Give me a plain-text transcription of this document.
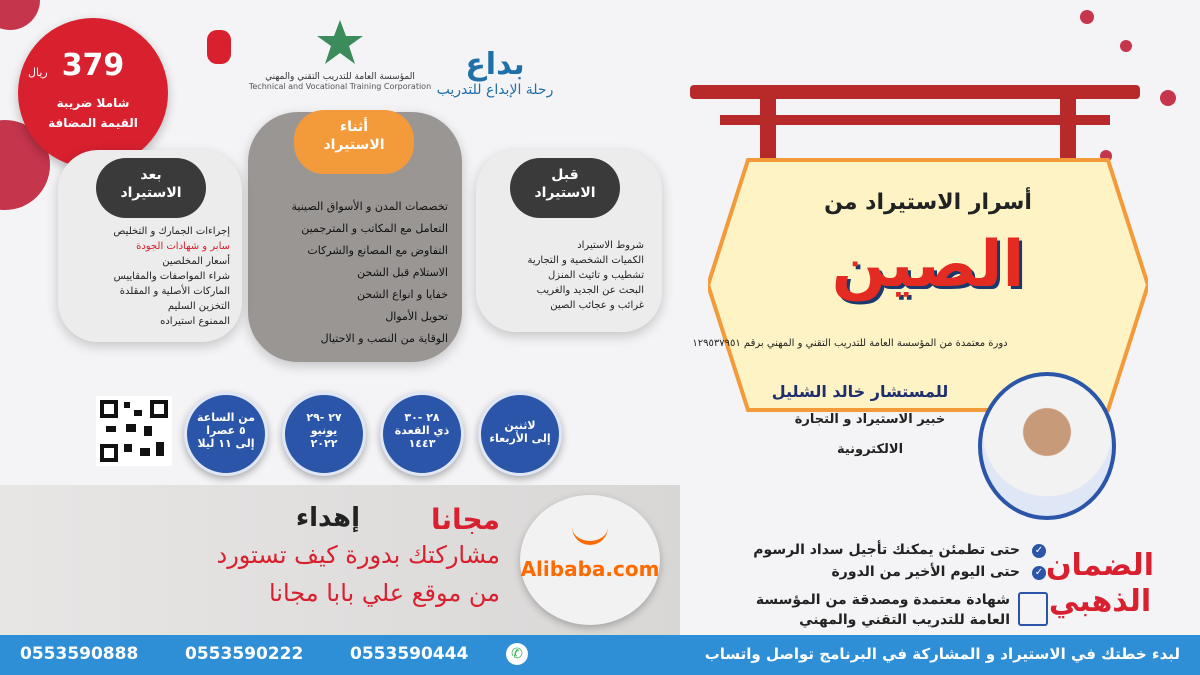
379
ريال
شاملا ضريبة
القيمة المضافة
المؤسسة العامة للتدريب التقني والمهني
Technical and Vocational Training Corporation
بداع
رحلة الإبداع للتدريب
أثناء
الاستيراد
تخصصات المدن و الأسواق الصينية
التعامل مع المكاتب و المترجمين
التفاوض مع المصانع والشركات
الاستلام قبل الشحن
خفايا و انواع الشحن
تحويل الأموال
الوقاية من النصب و الاحتيال
قبل
الاستيراد
شروط الاستيراد
الكميات الشخصية و التجارية
تشطيب و تاثيث المنزل
البحث عن الجديد والغريب
غرائب و عجائب الصين
بعد
الاستيراد
إجراءات الجمارك و التخليص
سابر و شهادات الجودة
أسعار المخلصين
شراء المواصفات والمقاييس
الماركات الأصلية و المقلدة
التخزين السليم
الممنوع استيراده
أسرار الاستيراد من
الصين
دورة معتمدة من المؤسسة العامة للتدريب التقني و المهني برقم ١٢٩٥٣٧٩٥١
للمستشار خالد الشليل
خبير الاستيراد و التجارة
الالكترونية
لاثنين
إلى الأربعاء
٢٨ -٣٠
ذي القعدة
١٤٤٣
٢٧ -٢٩
يونيو
٢٠٢٢
من الساعة
٥ عصرا
إلى ١١ ليلا
مجانا
إهداء
مشاركتك بدورة كيف تستورد
من موقع علي بابا مجانا
Alibaba.com	الضمان
الذهبي
✓
حتى تطمئن يمكنك تأجيل سداد الرسوم
✓
حتى اليوم الأخير من الدورة
شهادة معتمدة ومصدقة من المؤسسة
العامة للتدريب التقني والمهني
لبدء خطتك في الاستيراد و المشاركة في البرنامج تواصل واتساب
✆
0553590444
0553590222
0553590888
